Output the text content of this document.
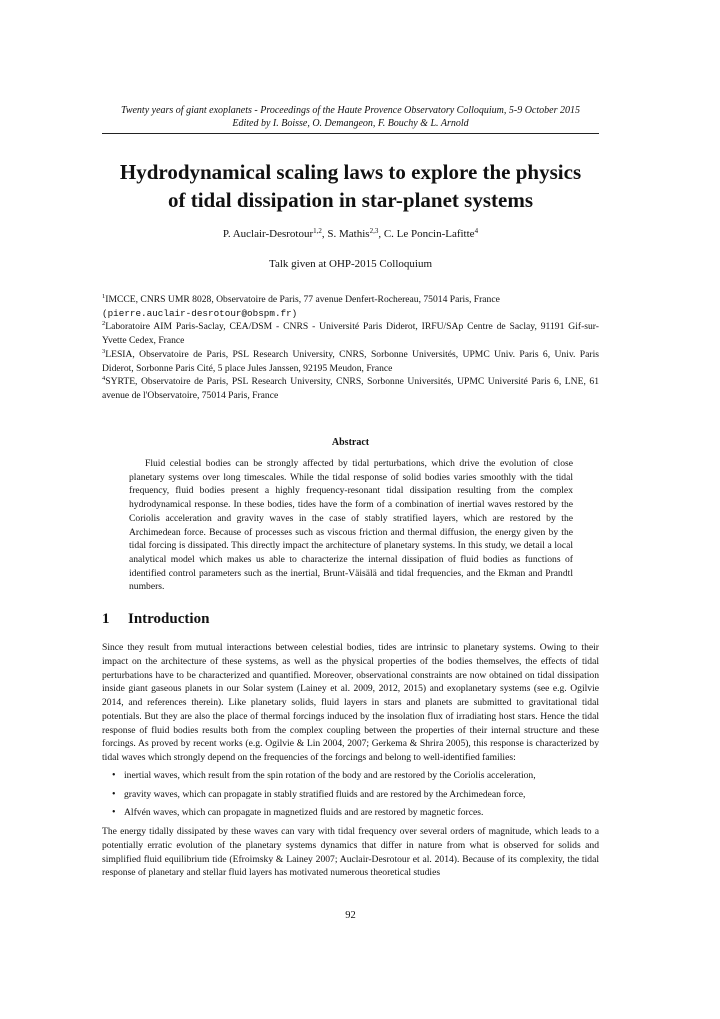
Twenty years of giant exoplanets - Proceedings of the Haute Provence Observatory Colloquium, 5-9 October 2015
Edited by I. Boisse, O. Demangeon, F. Bouchy & L. Arnold
Hydrodynamical scaling laws to explore the physics
of tidal dissipation in star-planet systems
P. Auclair-Desrotour$^{1,2}$, S. Mathis$^{2,3}$, C. Le Poncin-Lafitte$^4$
Talk given at OHP-2015 Colloquium

$^1$IMCCE, CNRS UMR 8028, Observatoire de Paris, 77 avenue Denfert-Rochereau, 75014 Paris, France
(pierre.auclair-desrotour@obspm.fr)

$^2$Laboratoire AIM Paris-Saclay, CEA/DSM - CNRS - Université Paris Diderot, IRFU/SAp Centre de Saclay, 91191 Gif-sur-Yvette Cedex, France

$^3$LESIA, Observatoire de Paris, PSL Research University, CNRS, Sorbonne Universités, UPMC Univ. Paris 6, Univ. Paris Diderot, Sorbonne Paris Cité, 5 place Jules Janssen, 92195 Meudon, France

$^4$SYRTE, Observatoire de Paris, PSL Research University, CNRS, Sorbonne Universités, UPMC Université Paris 6, LNE, 61 avenue de l'Observatoire, 75014 Paris, France

Abstract

Fluid celestial bodies can be strongly affected by tidal perturbations, which drive the evolution of close planetary systems over long timescales. While the tidal response of solid bodies varies smoothly with the tidal frequency, fluid bodies present a highly frequency-resonant tidal dissipation resulting from the complex hydrodynamical response. In these bodies, tides have the form of a combination of inertial waves restored by the Coriolis acceleration and gravity waves in the case of stably stratified layers, which are restored by the Archimedean force. Because of processes such as viscous friction and thermal diffusion, the energy given by the tidal forcing is dissipated. This directly impact the architecture of planetary systems. In this study, we detail a local analytical model which makes us able to characterize the internal dissipation of fluid bodies as functions of identified control parameters such as the inertial, Brunt-Väisälä and tidal frequencies, and the Ekman and Prandtl numbers.

1 Introduction

Since they result from mutual interactions between celestial bodies, tides are intrinsic to planetary systems. Owing to their impact on the architecture of these systems, as well as the physical properties of the bodies themselves, the effects of tidal perturbations have to be characterized and quantified. Moreover, observational constraints are now obtained on tidal dissipation inside giant gaseous planets in our Solar system (Lainey et al. 2009, 2012, 2015) and exoplanetary systems (see e.g. Ogilvie 2014, and references therein). Like planetary solids, fluid layers in stars and planets are submitted to gravitational tidal potentials. But they are also the place of thermal forcings induced by the insolation flux of irradiating host stars. Hence the tidal response of fluid bodies results both from the complex coupling between the properties of their internal structure and these forcings. As proved by recent works (e.g. Ogilvie & Lin 2004, 2007; Gerkema & Shrira 2005), this response is characterized by tidal waves which strongly depend on the frequencies of the forcings and belong to well-identified families:

• inertial waves, which result from the spin rotation of the body and are restored by the Coriolis acceleration,
• gravity waves, which can propagate in stably stratified fluids and are restored by the Archimedean force,
• Alfvén waves, which can propagate in magnetized fluids and are restored by magnetic forces.

The energy tidally dissipated by these waves can vary with tidal frequency over several orders of magnitude, which leads to a potentially erratic evolution of the planetary systems dynamics that differ in nature from what is observed for solids and simplified fluid equilibrium tide (Efroimsky & Lainey 2007; Auclair-Desrotour et al. 2014). Because of its complexity, the tidal response of planetary and stellar fluid layers has motivated numerous theoretical studies

92
